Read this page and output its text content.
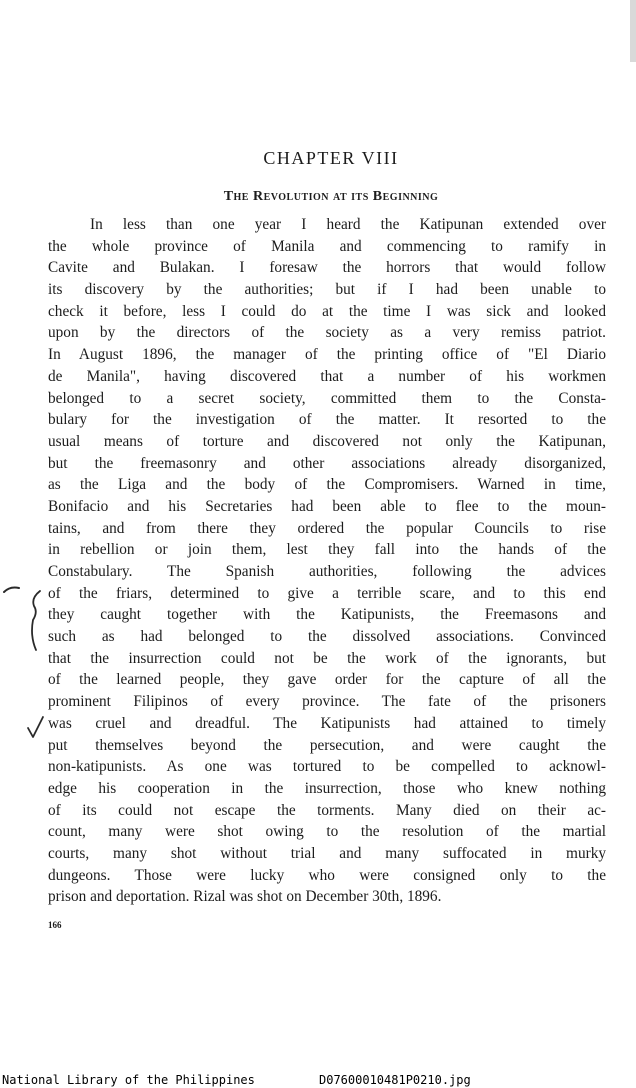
CHAPTER VIII
The Revolution at its Beginning
In less than one year I heard the Katipunan extended over
the whole province of Manila and commencing to ramify in
Cavite and Bulakan. I foresaw the horrors that would follow
its discovery by the authorities; but if I had been unable to
check it before, less I could do at the time I was sick and looked
upon by the directors of the society as a very remiss patriot.
In August 1896, the manager of the printing office of "El Diario
de Manila", having discovered that a number of his workmen
belonged to a secret society, committed them to the Consta-
bulary for the investigation of the matter. It resorted to the
usual means of torture and discovered not only the Katipunan,
but the freemasonry and other associations already disorganized,
as the Liga and the body of the Compromisers. Warned in time,
Bonifacio and his Secretaries had been able to flee to the moun-
tains, and from there they ordered the popular Councils to rise
in rebellion or join them, lest they fall into the hands of the
Constabulary. The Spanish authorities, following the advices
of the friars, determined to give a terrible scare, and to this end
they caught together with the Katipunists, the Freemasons and
such as had belonged to the dissolved associations. Convinced
that the insurrection could not be the work of the ignorants, but
of the learned people, they gave order for the capture of all the
prominent Filipinos of every province. The fate of the prisoners
was cruel and dreadful. The Katipunists had attained to timely
put themselves beyond the persecution, and were caught the
non-katipunists. As one was tortured to be compelled to acknowl-
edge his cooperation in the insurrection, those who knew nothing
of its could not escape the torments. Many died on their ac-
count, many were shot owing to the resolution of the martial
courts, many shot without trial and many suffocated in murky
dungeons. Those were lucky who were consigned only to the
prison and deportation. Rizal was shot on December 30th, 1896.
166
National Library of the Philippines	D07600010481P0210.jpg
